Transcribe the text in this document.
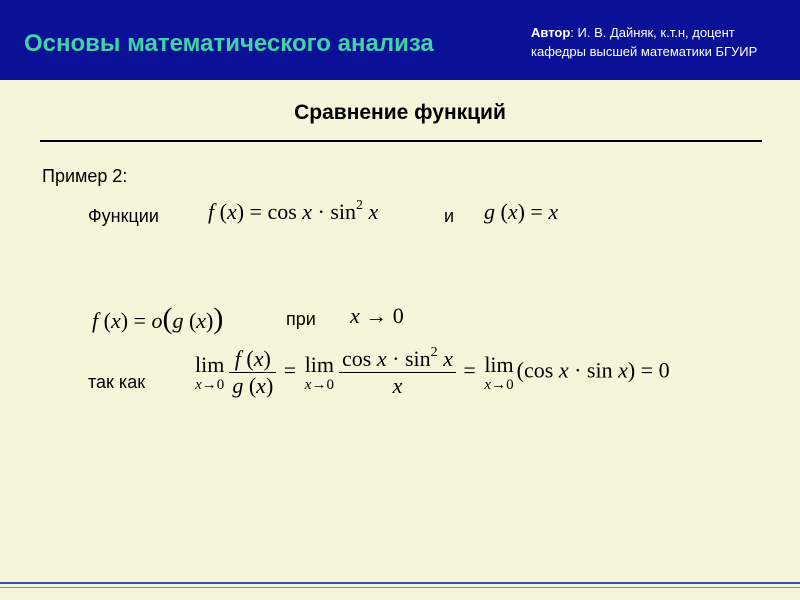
Основы математического анализа	Автор: И. В. Дайняк, к.т.н, доцент
кафедры высшей математики БГУИР
Сравнение функций
Пример 2:
Функции f $(x) = \cos x \cdot \sin^2 x$	и g (x) = x
f (x) = o(g (x))	при x → 0
так как
lim
$x\to 0 \frac{f (x)}{g (x)} = \lim$
$x\to 0 \frac{\cos x \cdot \sin^2 x}{x} = \lim$
x→0
(cos x · sin x) = 0
